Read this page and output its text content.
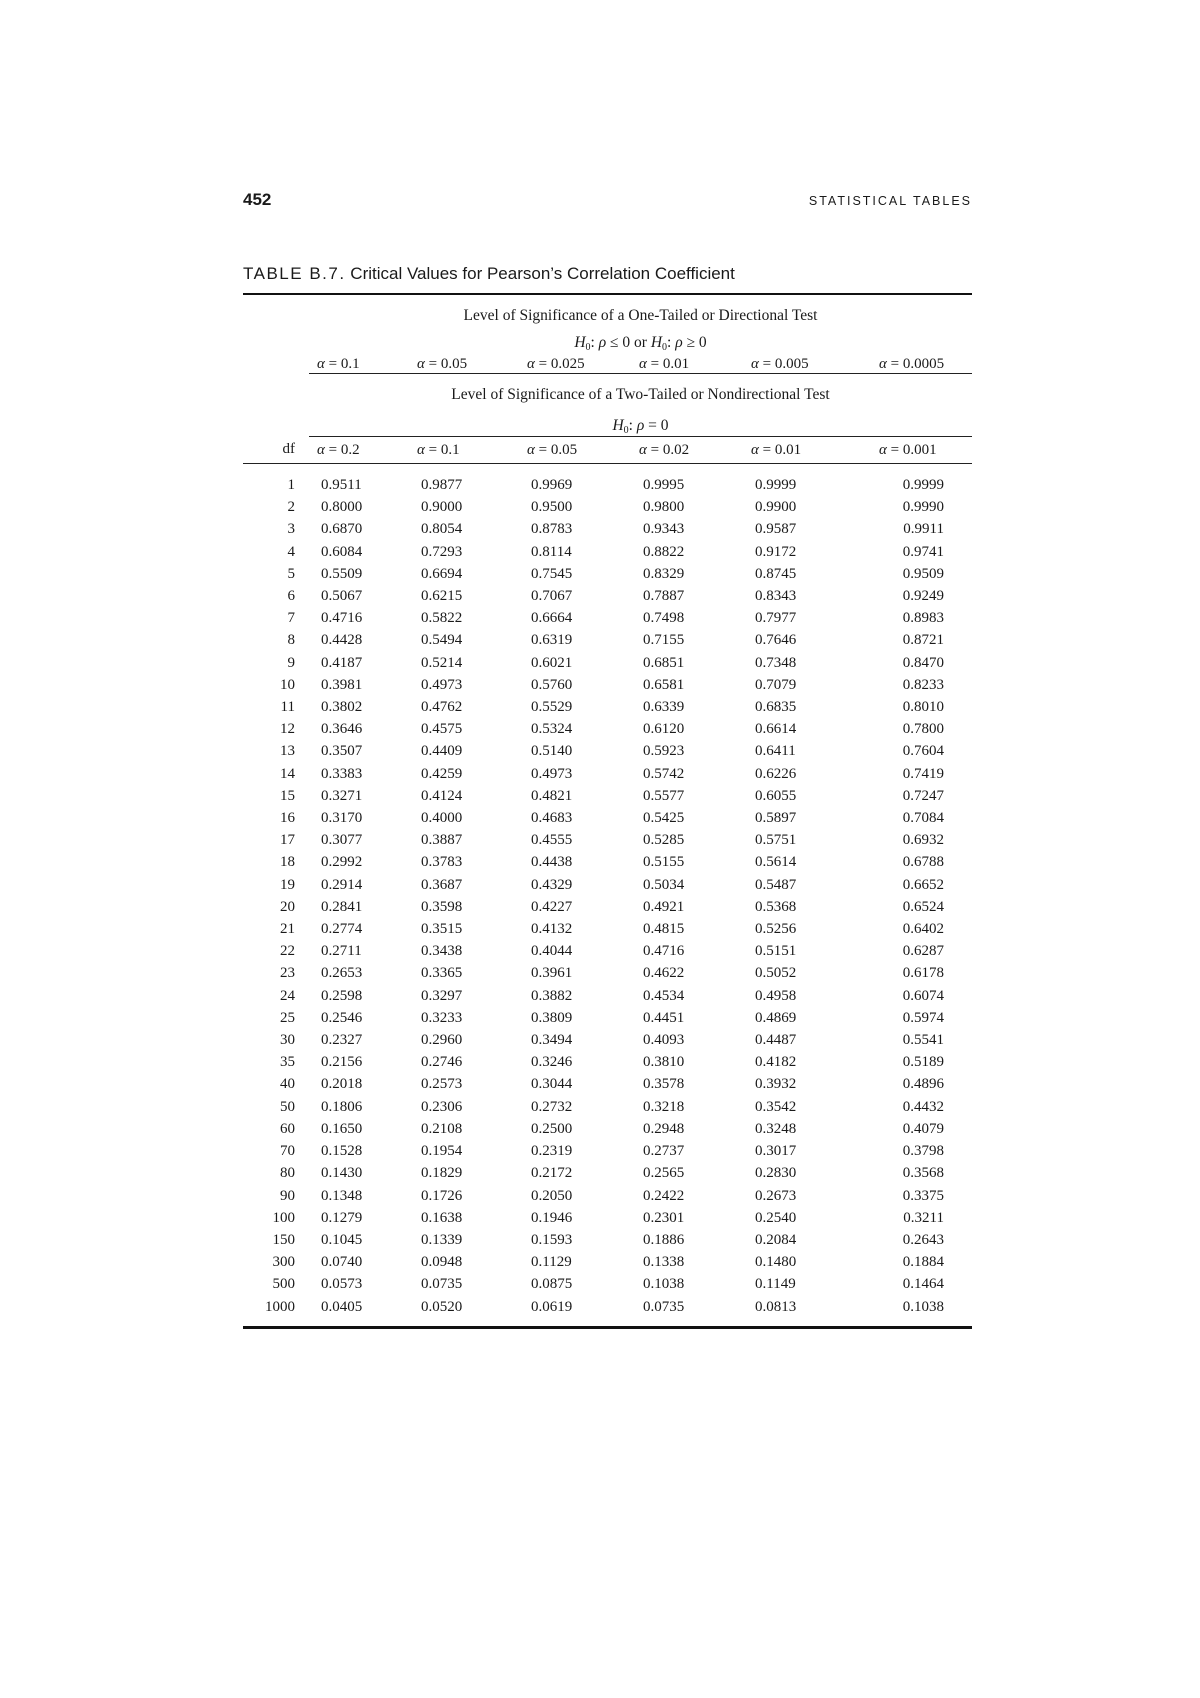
452	STATISTICAL TABLES
TABLE B.7. Critical Values for Pearson’s Correlation Coefficient
	Level of Significance of a One-Tailed or Directional Test					
	$H_0$: ρ ≤ 0 or $H_0$: ρ ≥ 0					
	α = 0.1	α = 0.05	α = 0.025	α = 0.01	α = 0.005	α = 0.0005
	Level of Significance of a Two-Tailed or Nondirectional Test					
	$H_0$: ρ = 0					
df	α = 0.2	α = 0.1	α = 0.05	α = 0.02	α = 0.01	α = 0.001

1	0.9511	0.9877	0.9969	0.9995	0.9999	0.9999
2	0.8000	0.9000	0.9500	0.9800	0.9900	0.9990
3	0.6870	0.8054	0.8783	0.9343	0.9587	0.9911
4	0.6084	0.7293	0.8114	0.8822	0.9172	0.9741
5	0.5509	0.6694	0.7545	0.8329	0.8745	0.9509
6	0.5067	0.6215	0.7067	0.7887	0.8343	0.9249
7	0.4716	0.5822	0.6664	0.7498	0.7977	0.8983
8	0.4428	0.5494	0.6319	0.7155	0.7646	0.8721
9	0.4187	0.5214	0.6021	0.6851	0.7348	0.8470
10	0.3981	0.4973	0.5760	0.6581	0.7079	0.8233
11	0.3802	0.4762	0.5529	0.6339	0.6835	0.8010
12	0.3646	0.4575	0.5324	0.6120	0.6614	0.7800
13	0.3507	0.4409	0.5140	0.5923	0.6411	0.7604
14	0.3383	0.4259	0.4973	0.5742	0.6226	0.7419
15	0.3271	0.4124	0.4821	0.5577	0.6055	0.7247
16	0.3170	0.4000	0.4683	0.5425	0.5897	0.7084
17	0.3077	0.3887	0.4555	0.5285	0.5751	0.6932
18	0.2992	0.3783	0.4438	0.5155	0.5614	0.6788
19	0.2914	0.3687	0.4329	0.5034	0.5487	0.6652
20	0.2841	0.3598	0.4227	0.4921	0.5368	0.6524
21	0.2774	0.3515	0.4132	0.4815	0.5256	0.6402
22	0.2711	0.3438	0.4044	0.4716	0.5151	0.6287
23	0.2653	0.3365	0.3961	0.4622	0.5052	0.6178
24	0.2598	0.3297	0.3882	0.4534	0.4958	0.6074
25	0.2546	0.3233	0.3809	0.4451	0.4869	0.5974
30	0.2327	0.2960	0.3494	0.4093	0.4487	0.5541
35	0.2156	0.2746	0.3246	0.3810	0.4182	0.5189
40	0.2018	0.2573	0.3044	0.3578	0.3932	0.4896
50	0.1806	0.2306	0.2732	0.3218	0.3542	0.4432
60	0.1650	0.2108	0.2500	0.2948	0.3248	0.4079
70	0.1528	0.1954	0.2319	0.2737	0.3017	0.3798
80	0.1430	0.1829	0.2172	0.2565	0.2830	0.3568
90	0.1348	0.1726	0.2050	0.2422	0.2673	0.3375
100	0.1279	0.1638	0.1946	0.2301	0.2540	0.3211
150	0.1045	0.1339	0.1593	0.1886	0.2084	0.2643
300	0.0740	0.0948	0.1129	0.1338	0.1480	0.1884
500	0.0573	0.0735	0.0875	0.1038	0.1149	0.1464
1000	0.0405	0.0520	0.0619	0.0735	0.0813	0.1038
